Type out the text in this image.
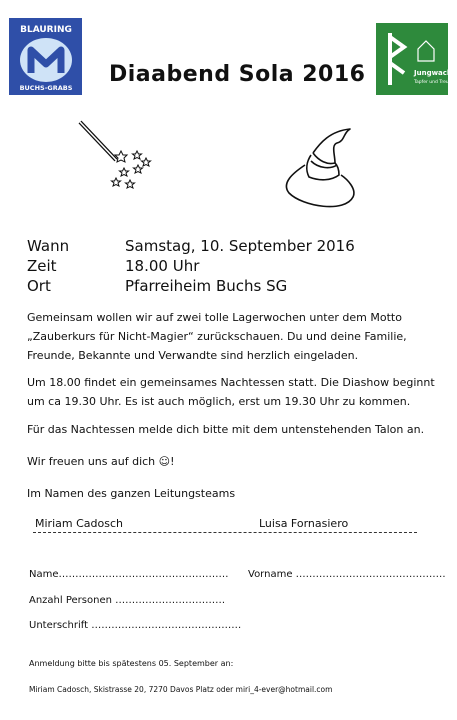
BLAURING
BUCHS-GRABS
Jungwacht
Tapfer und Treu
Diaabend Sola 2016
Wann	Samstag, 10. September 2016
Zeit	18.00 Uhr
Ort	Pfarreiheim Buchs SG
Gemeinsam wollen wir auf zwei tolle Lagerwochen unter dem Motto „Zauberkurs für Nicht-Magier“ zurückschauen. Du und deine Familie, Freunde, Bekannte und Verwandte sind herzlich eingeladen.
Um 18.00 findet ein gemeinsames Nachtessen statt. Die Diashow beginnt um ca 19.30 Uhr. Es ist auch möglich, erst um 19.30 Uhr zu kommen.
Für das Nachtessen melde dich bitte mit dem untenstehenden Talon an.
Wir freuen uns auf dich ☺!
Im Namen des ganzen Leitungsteams
Miriam Cadosch	Luisa Fornasiero
Name…………………………………………… Vorname ………………………………………
Anzahl Personen ……………………………
Unterschrift ………………………………………
Anmeldung bitte bis spätestens 05. September an:
Miriam Cadosch, Skistrasse 20, 7270 Davos Platz oder miri_4-ever@hotmail.com
